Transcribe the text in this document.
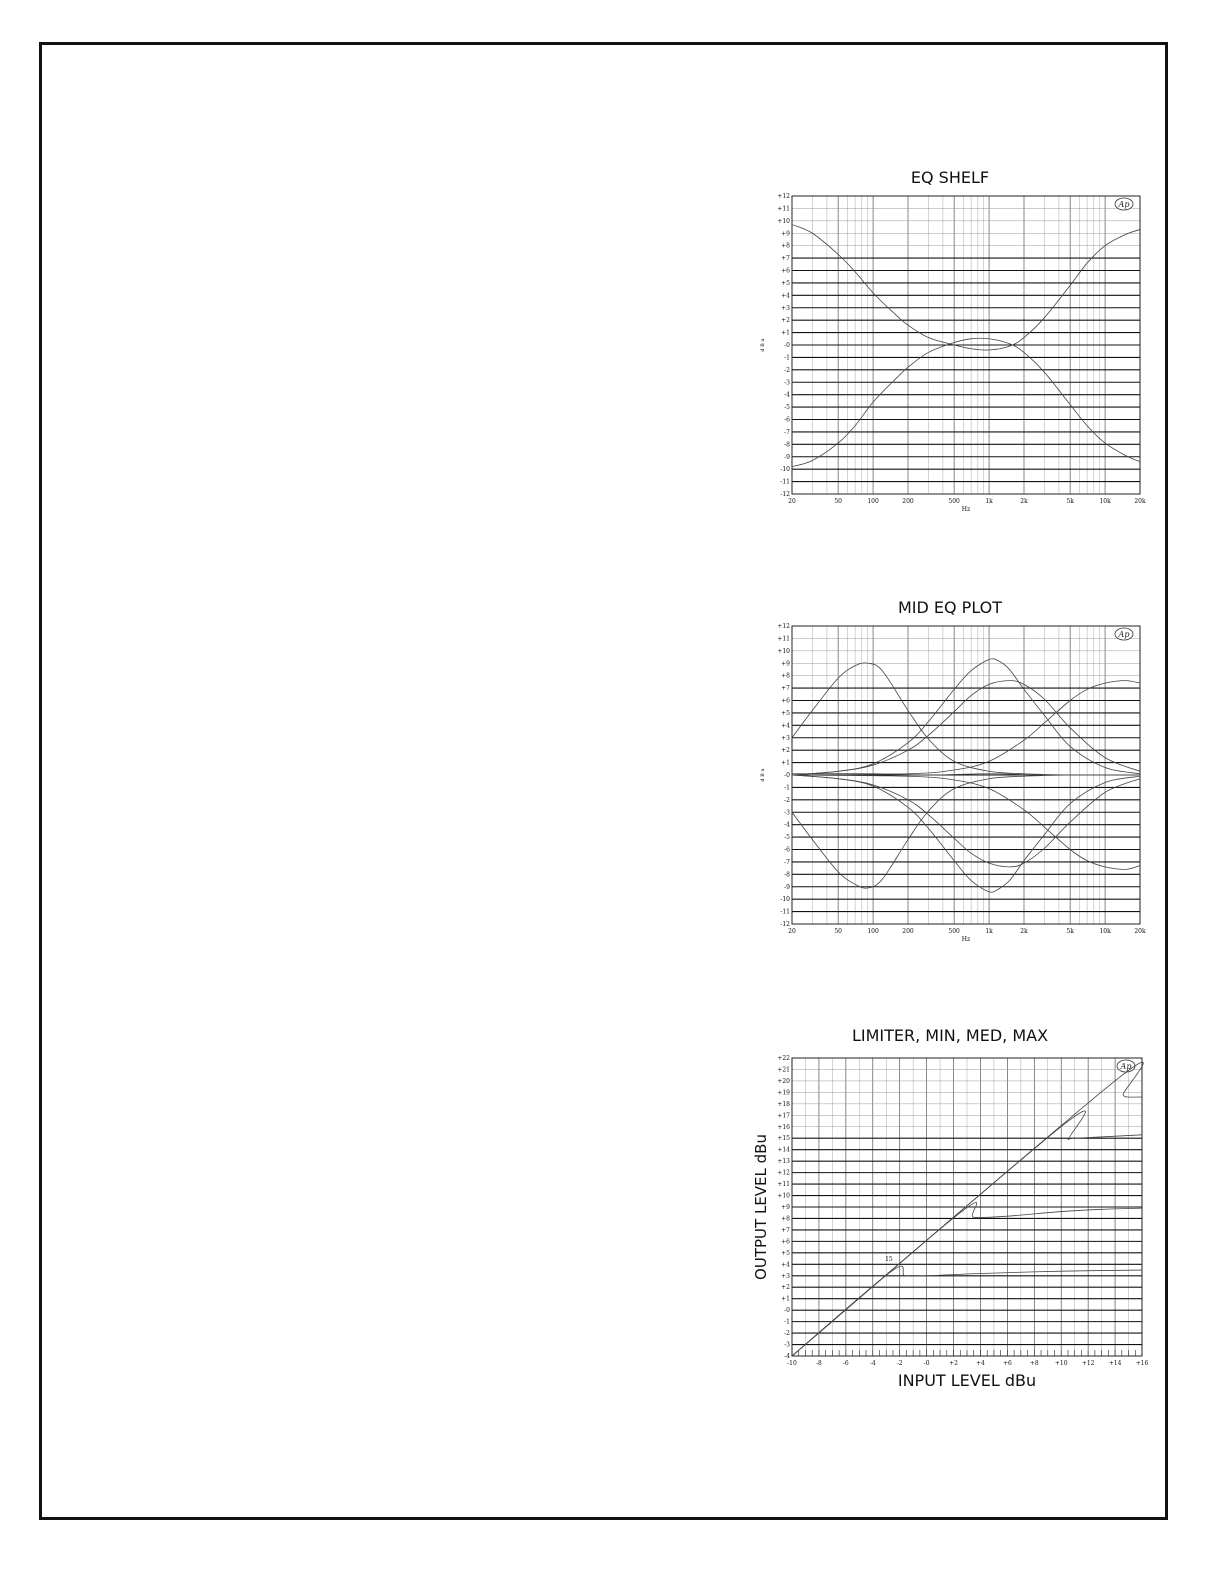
EQ SHELF
+12
+11
+10
+9
+8
+7
+6
+5
+4
+3
+2
+1
-0
-1
-2
-3
-4
-5
-6
-7
-8
-9
-10
-11
-12
20	50	100	200	500	1k	2k	5k	10k	20k
Hz
d B u
Ap
MID EQ PLOT
+12
+11
+10
+9
+8
+7
+6
+5
+4
+3
+2
+1
-0
-1
-2
-3
-4
-5
-6
-7
-8
-9
-10
-11
-12
20	50	100	200	500	1k	2k	5k	10k	20k
Hz
d B u
Ap
LIMITER, MIN, MED, MAX
+22
+21
+20
+19
+18
+17
+16
+15
+14
+13
+12
+11
+10
+9
+8
+7
+6
+5
+4
+3
+2
+1
-0
-1
-2
-3
-4
-10	-8	-6	-4	-2	-0	+2	+4	+6	+8	+10 +12 +14 +16
INPUT LEVEL dBu
OUTPUT LEVEL dBu
Ap
15
